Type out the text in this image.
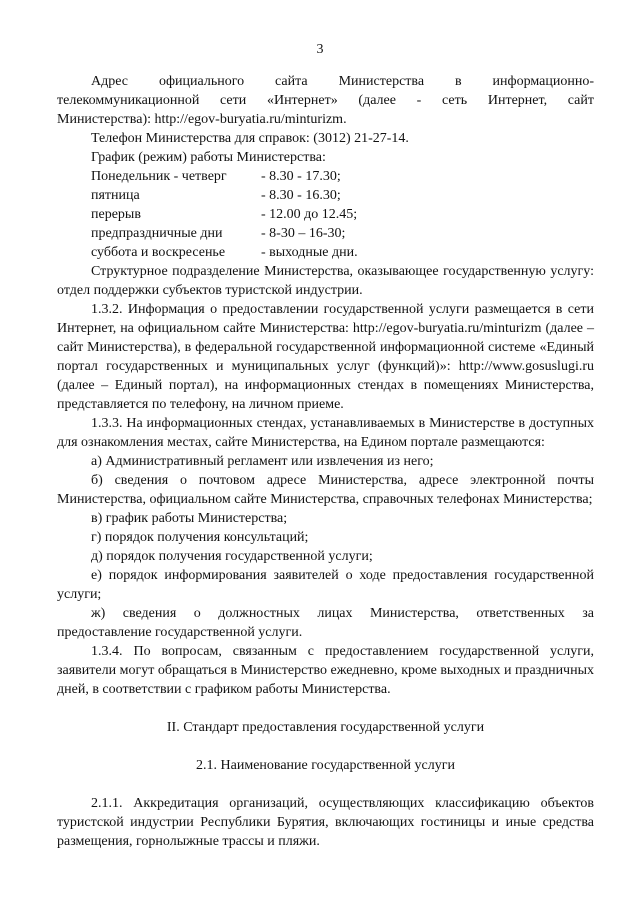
3

Адрес официального сайта Министерства в информационно-

телекоммуникационной сети «Интернет» (далее - сеть Интернет, сайт

Министерства): http://egov-buryatia.ru/minturizm.

Телефон Министерства для справок: (3012) 21-27-14.

График (режим) работы Министерства:

Понедельник - четверг	- 8.30 - 17.30;
пятница	- 8.30 - 16.30;
перерыв	- 12.00 до 12.45;
предпраздничные дни	- 8-30 – 16-30;
суббота и воскресенье	- выходные дни.

Структурное подразделение Министерства, оказывающее государственную услугу: отдел поддержки субъектов туристской индустрии.

1.3.2. Информация о предоставлении государственной услуги размещается в сети Интернет, на официальном сайте Министерства: http://egov-buryatia.ru/minturizm (далее – сайт Министерства), в федеральной государственной информационной системе «Единый портал государственных и муниципальных услуг (функций)»: http://www.gosuslugi.ru (далее – Единый портал), на информационных стендах в помещениях Министерства, представляется по телефону, на личном приеме.

1.3.3. На информационных стендах, устанавливаемых в Министерстве в доступных для ознакомления местах, сайте Министерства, на Едином портале размещаются:

а) Административный регламент или извлечения из него;

б) сведения о почтовом адресе Министерства, адресе электронной почты Министерства, официальном сайте Министерства, справочных телефонах Министерства;

в) график работы Министерства;

г) порядок получения консультаций;

д) порядок получения государственной услуги;

е) порядок информирования заявителей о ходе предоставления государственной услуги;

ж) сведения о должностных лицах Министерства, ответственных за предоставление государственной услуги.

1.3.4. По вопросам, связанным с предоставлением государственной услуги, заявители могут обращаться в Министерство ежедневно, кроме выходных и праздничных дней, в соответствии с графиком работы Министерства.

II. Стандарт предоставления государственной услуги

2.1. Наименование государственной услуги

2.1.1. Аккредитация организаций, осуществляющих классификацию объектов туристской индустрии Республики Бурятия, включающих гостиницы и иные средства размещения, горнолыжные трассы и пляжи.
